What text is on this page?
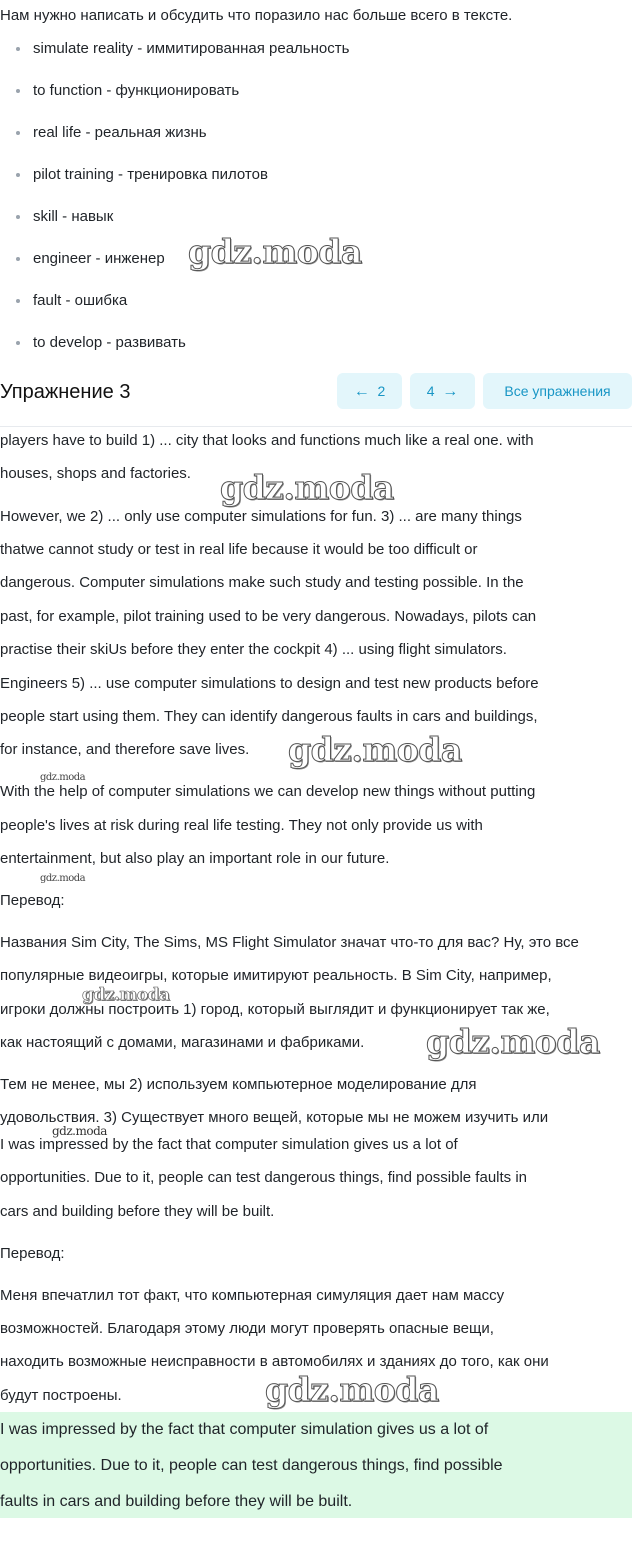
Нам нужно написать и обсудить что поразило нас больше всего в тексте.
simulate reality - иммитированная реальность
to function - функционировать
real life - реальная жизнь
pilot training - тренировка пилотов
skill - навык
engineer - инженер
fault - ошибка
to develop - развивать
Упражнение 3	← 2	4 →	Все упражнения
players have to build 1) ... city that looks and functions much like a real one. with
houses, shops and factories.
However, we 2) ... only use computer simulations for fun. 3) ... are many things
thatwe cannot study or test in real life because it would be too difficult or
dangerous. Computer simulations make such study and testing possible. In the
past, for example, pilot training used to be very dangerous. Nowadays, pilots can
practise their skiUs before they enter the cockpit 4) ... using flight simulators.
Engineers 5) ... use computer simulations to design and test new products before
people start using them. They can identify dangerous faults in cars and buildings,
for instance, and therefore save lives.
With the help of computer simulations we can develop new things without putting
people's lives at risk during real life testing. They not only provide us with
entertainment, but also play an important role in our future.
Перевод:
Названия Sim City, The Sims, MS Flight Simulator значат что-то для вас? Ну, это все
популярные видеоигры, которые имитируют реальность. В Sim City, например,
игроки должны построить 1) город, который выглядит и функционирует так же,
как настоящий с домами, магазинами и фабриками.
Тем не менее, мы 2) используем компьютерное моделирование для
удовольствия. 3) Существует много вещей, которые мы не можем изучить или
I was impressed by the fact that computer simulation gives us a lot of
opportunities. Due to it, people can test dangerous things, find possible faults in
cars and building before they will be built.
Перевод:
Меня впечатлил тот факт, что компьютерная симуляция дает нам массу
возможностей. Благодаря этому люди могут проверять опасные вещи,
находить возможные неисправности в автомобилях и зданиях до того, как они
будут построены.
I was impressed by the fact that computer simulation gives us a lot of
opportunities. Due to it, people can test dangerous things, find possible
faults in cars and building before they will be built.
gdz.moda
gdz.moda
gdz.moda
gdz.moda
gdz.moda
gdz.moda
gdz.moda
gdz.moda
gdz.moda
